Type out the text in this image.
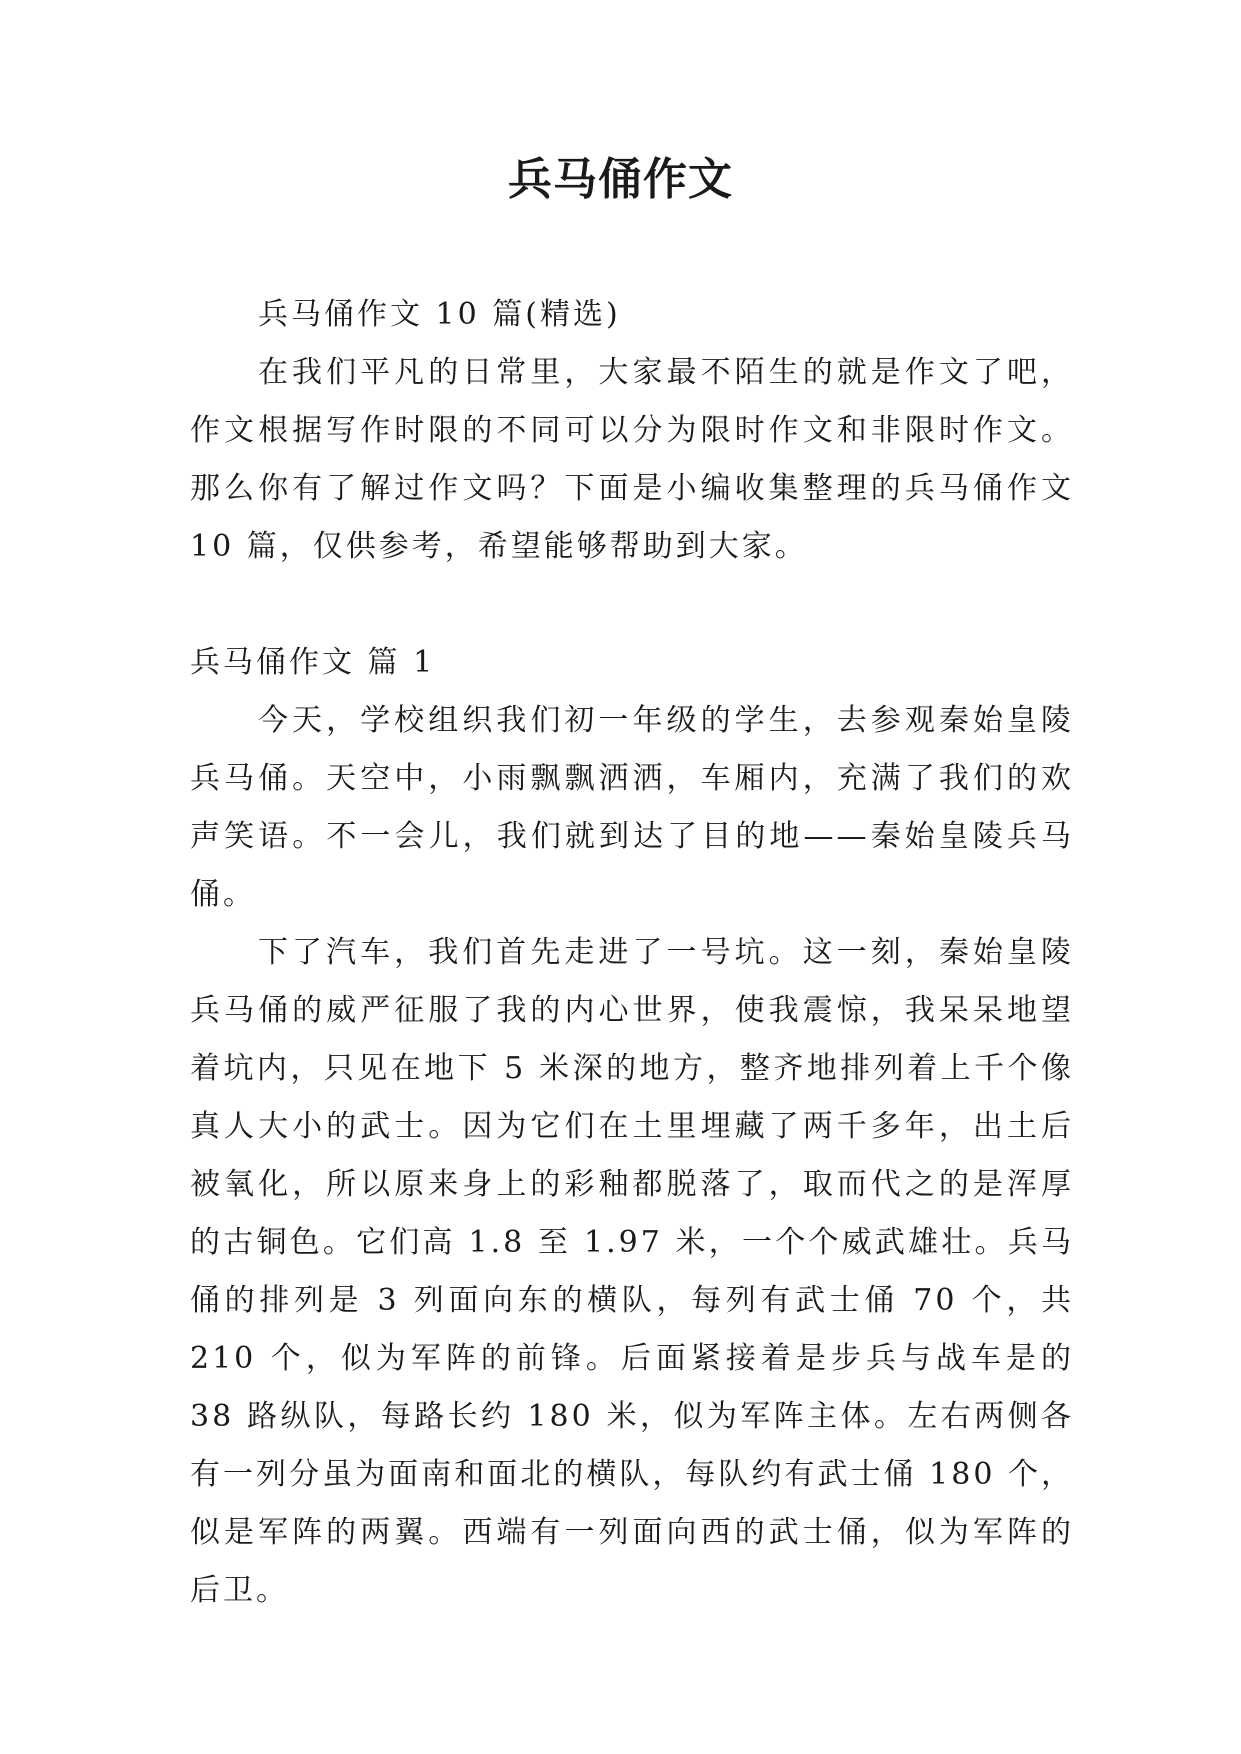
兵马俑作文

兵马俑作文 10 篇(精选)

在我们平凡的日常里，大家最不陌生的就是作文了吧，作文根据写作时限的不同可以分为限时作文和非限时作文。那么你有了解过作文吗？下面是小编收集整理的兵马俑作文 10 篇，仅供参考，希望能够帮助到大家。

兵马俑作文 篇 1

今天，学校组织我们初一年级的学生，去参观秦始皇陵兵马俑。天空中，小雨飘飘洒洒，车厢内，充满了我们的欢声笑语。不一会儿，我们就到达了目的地——秦始皇陵兵马俑。

下了汽车，我们首先走进了一号坑。这一刻，秦始皇陵兵马俑的威严征服了我的内心世界，使我震惊，我呆呆地望着坑内，只见在地下 5 米深的地方，整齐地排列着上千个像真人大小的武士。因为它们在土里埋藏了两千多年，出土后被氧化，所以原来身上的彩釉都脱落了，取而代之的是浑厚的古铜色。它们高 1.8 至 1.97 米，一个个威武雄壮。兵马俑的排列是 3 列面向东的横队，每列有武士俑 70 个，共 210 个，似为军阵的前锋。后面紧接着是步兵与战车是的 38 路纵队，每路长约 180 米，似为军阵主体。左右两侧各有一列分虽为面南和面北的横队，每队约有武士俑 180 个，似是军阵的两翼。西端有一列面向西的武士俑，似为军阵的后卫。
